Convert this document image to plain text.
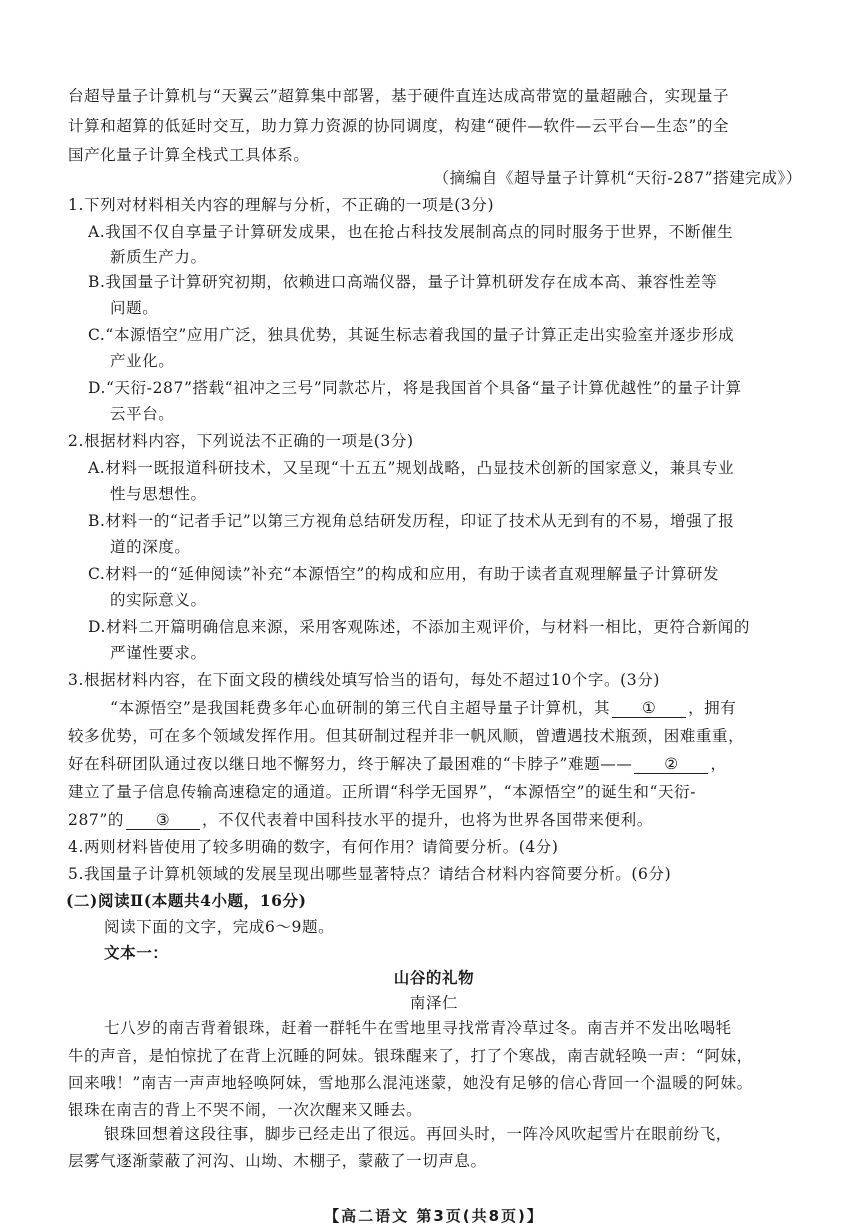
台超导量子计算机与“天翼云”超算集中部署，基于硬件直连达成高带宽的量超融合，实现量子
计算和超算的低延时交互，助力算力资源的协同调度，构建“硬件—软件—云平台—生态”的全
国产化量子计算全栈式工具体系。
（摘编自《超导量子计算机“天衍-287”搭建完成》）
1.下列对材料相关内容的理解与分析，不正确的一项是(3分)
A.我国不仅自享量子计算研发成果，也在抢占科技发展制高点的同时服务于世界，不断催生
新质生产力。
B.我国量子计算研究初期，依赖进口高端仪器，量子计算机研发存在成本高、兼容性差等
问题。
C.“本源悟空”应用广泛，独具优势，其诞生标志着我国的量子计算正走出实验室并逐步形成
产业化。
D.“天衍-287”搭载“祖冲之三号”同款芯片，将是我国首个具备“量子计算优越性”的量子计算
云平台。
2.根据材料内容，下列说法不正确的一项是(3分)
A.材料一既报道科研技术，又呈现“十五五”规划战略，凸显技术创新的国家意义，兼具专业
性与思想性。
B.材料一的“记者手记”以第三方视角总结研发历程，印证了技术从无到有的不易，增强了报
道的深度。
C.材料一的“延伸阅读”补充“本源悟空”的构成和应用，有助于读者直观理解量子计算研发
的实际意义。
D.材料二开篇明确信息来源，采用客观陈述，不添加主观评价，与材料一相比，更符合新闻的
严谨性要求。
3.根据材料内容，在下面文段的横线处填写恰当的语句，每处不超过10个字。(3分)
“本源悟空”是我国耗费多年心血研制的第三代自主超导量子计算机，其 ① ，拥有
较多优势，可在多个领域发挥作用。但其研制过程并非一帆风顺，曾遭遇技术瓶颈，困难重重，
好在科研团队通过夜以继日地不懈努力，终于解决了最困难的“卡脖子”难题—— ② ，
建立了量子信息传输高速稳定的通道。正所谓“科学无国界”，“本源悟空”的诞生和“天衍-
287”的 ③ ，不仅代表着中国科技水平的提升，也将为世界各国带来便利。
4.两则材料皆使用了较多明确的数字，有何作用？请简要分析。(4分)
5.我国量子计算机领域的发展呈现出哪些显著特点？请结合材料内容简要分析。(6分)
(二)阅读Ⅱ(本题共4小题，16分)
阅读下面的文字，完成6～9题。
文本一：
山谷的礼物
南泽仁
七八岁的南吉背着银珠，赶着一群牦牛在雪地里寻找常青冷草过冬。南吉并不发出吆喝牦
牛的声音，是怕惊扰了在背上沉睡的阿妹。银珠醒来了，打了个寒战，南吉就轻唤一声：“阿妹，
回来哦！”南吉一声声地轻唤阿妹，雪地那么混沌迷蒙，她没有足够的信心背回一个温暖的阿妹。
银珠在南吉的背上不哭不闹，一次次醒来又睡去。
银珠回想着这段往事，脚步已经走出了很远。再回头时，一阵冷风吹起雪片在眼前纷飞，
层雾气逐渐蒙蔽了河沟、山坳、木棚子，蒙蔽了一切声息。
【高二语文 第3页(共8页)】
